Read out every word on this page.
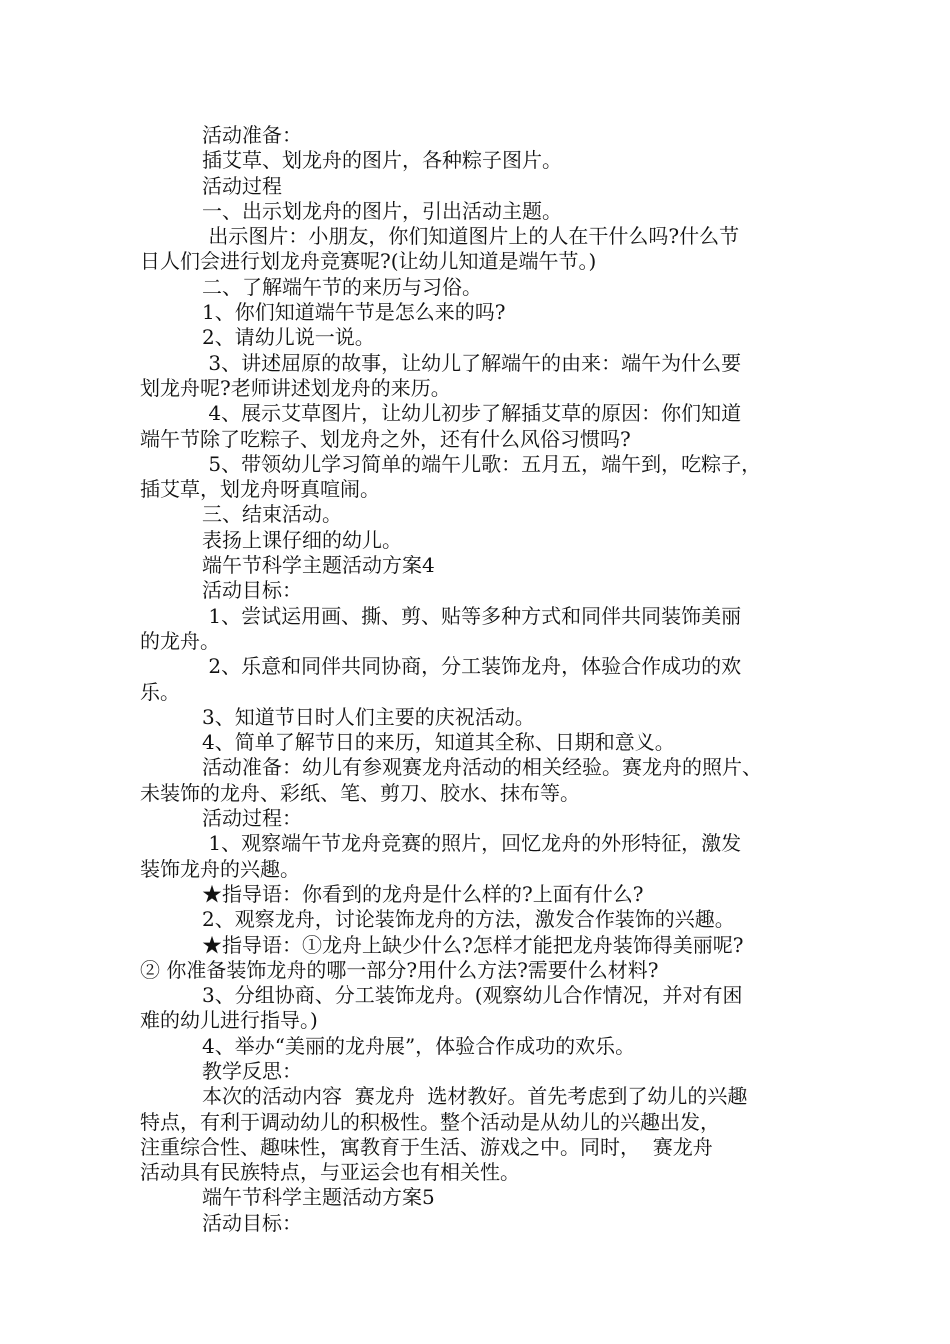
活动准备：
插艾草、划龙舟的图片，各种粽子图片。
活动过程
一、出示划龙舟的图片，引出活动主题。
出示图片：小朋友，你们知道图片上的人在干什么吗?什么节
日人们会进行划龙舟竞赛呢?(让幼儿知道是端午节。)
二、了解端午节的来历与习俗。
1、你们知道端午节是怎么来的吗?
2、请幼儿说一说。
3、讲述屈原的故事，让幼儿了解端午的由来：端午为什么要
划龙舟呢?老师讲述划龙舟的来历。
4、展示艾草图片，让幼儿初步了解插艾草的原因：你们知道
端午节除了吃粽子、划龙舟之外，还有什么风俗习惯吗?
5、带领幼儿学习简单的端午儿歌：五月五，端午到，吃粽子，
插艾草，划龙舟呀真喧闹。
三、结束活动。
表扬上课仔细的幼儿。
端午节科学主题活动方案4
活动目标：
1、尝试运用画、撕、剪、贴等多种方式和同伴共同装饰美丽
的龙舟。
2、乐意和同伴共同协商，分工装饰龙舟，体验合作成功的欢
乐。
3、知道节日时人们主要的庆祝活动。
4、简单了解节日的来历，知道其全称、日期和意义。
活动准备：幼儿有参观赛龙舟活动的相关经验。赛龙舟的照片、
未装饰的龙舟、彩纸、笔、剪刀、胶水、抹布等。
活动过程：
1、观察端午节龙舟竞赛的照片，回忆龙舟的外形特征，激发
装饰龙舟的兴趣。
★指导语：你看到的龙舟是什么样的?上面有什么?
2、观察龙舟，讨论装饰龙舟的方法，激发合作装饰的兴趣。
★指导语：①龙舟上缺少什么?怎样才能把龙舟装饰得美丽呢?
② 你准备装饰龙舟的哪一部分?用什么方法?需要什么材料?
3、分组协商、分工装饰龙舟。(观察幼儿合作情况，并对有困
难的幼儿进行指导。)
4、举办“美丽的龙舟展”，体验合作成功的欢乐。
教学反思：
本次的活动内容  赛龙舟  选材教好。首先考虑到了幼儿的兴趣
特点，有利于调动幼儿的积极性。整个活动是从幼儿的兴趣出发，
注重综合性、趣味性，寓教育于生活、游戏之中。同时，  赛龙舟
活动具有民族特点，与亚运会也有相关性。
端午节科学主题活动方案5
活动目标：
